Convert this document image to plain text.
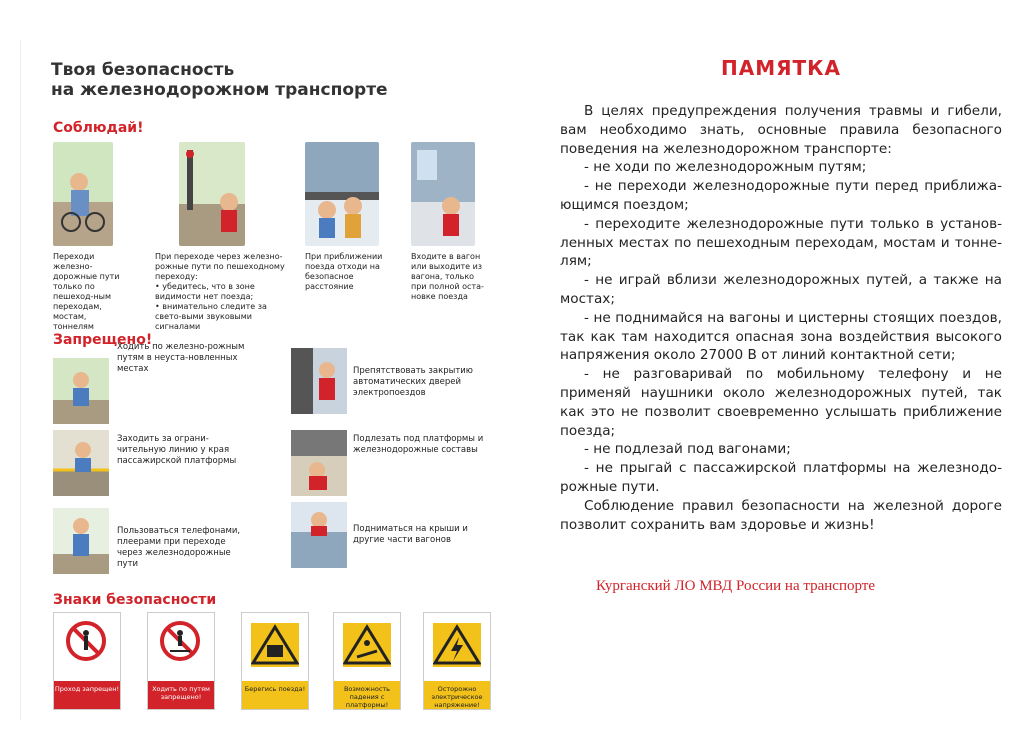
Твоя безопасность
на железнодорожном транспорте
Соблюдай!
Переходи железно-дорожные пути только по пешеход-ным переходам, мостам, тоннелям
При переходе через железно-рожные пути по пешеходному переходу:
• убедитесь, что в зоне видимости нет поезда;
• внимательно следите за свето-выми звуковыми сигналами
При приближении поезда отходи на безопасное расстояние
Входите в вагон или выходите из вагона, только при полной оста-новке поезда
Запрещено!
Ходить по железно-рожным путям в неуста-новленных местах	Препятствовать закрытию автоматических дверей электропоездов
Заходить за ограни-чительную линию у края пассажирской платформы
Подлезать под платформы и железнодорожные составы
Пользоваться телефонами, плеерами при переходе через железнодорожные пути
Подниматься на крыши и другие части вагонов
Знаки безопасности
Проход запрещен!	Ходить по путям запрещено!
Берегись поезда!	Возможность падения с платформы!
Осторожно электрическое напряжение!
ПАМЯТКА

В целях предупреждения получения травмы и гибели, вам необходимо знать, основные правила безопасного поведения на железнодорожном транспорте:

- не ходи по железнодорожным путям;

- не переходи железнодорожные пути перед приближа-ющимся поездом;

- переходите железнодорожные пути только в установ-ленных местах по пешеходным переходам, мостам и тонне-лям;

- не играй вблизи железнодорожных путей, а также на мостах;

- не поднимайся на вагоны и цистерны стоящих поездов, так как там находится опасная зона воздействия высокого напряжения около 27000 В от линий контактной сети;

- не разговаривай по мобильному телефону и не применяй наушники около железнодорожных путей, так как это не позволит своевременно услышать приближение поезда;

- не подлезай под вагонами;

- не прыгай с пассажирской платформы на железнодо-рожные пути.

Соблюдение правил безопасности на железной дороге позволит сохранить вам здоровье и жизнь!

Курганский ЛО МВД России на транспорте
